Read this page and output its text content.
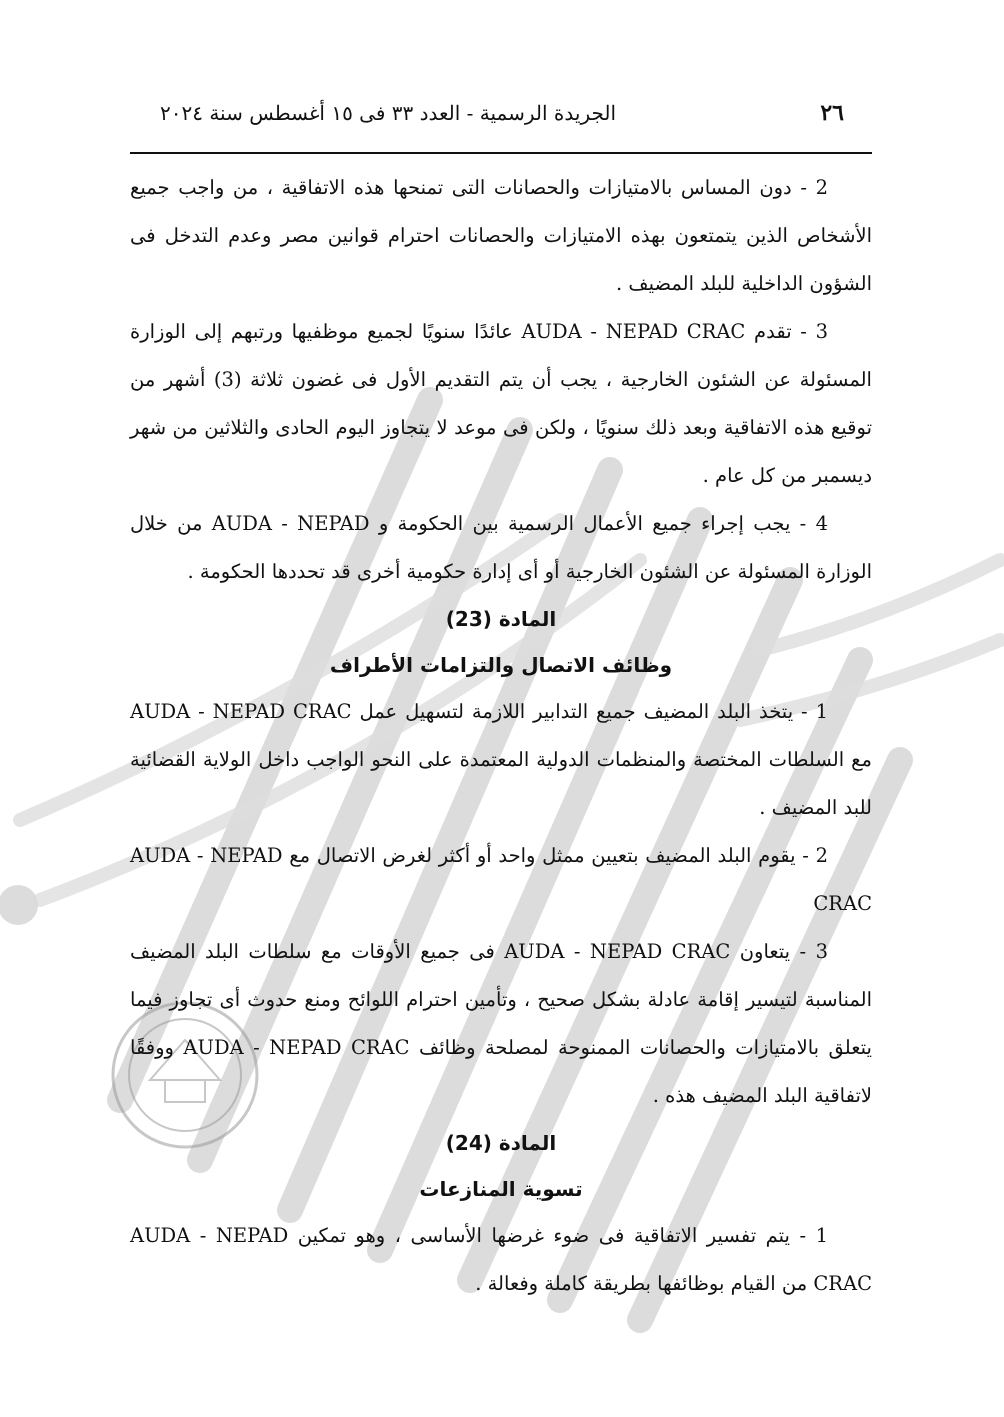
٢٦
الجريدة الرسمية - العدد ٣٣ فى ١٥ أغسطس سنة ٢٠٢٤

2 - دون المساس بالامتيازات والحصانات التى تمنحها هذه الاتفاقية ، من واجب جميع الأشخاص الذين يتمتعون بهذه الامتيازات والحصانات احترام قوانين مصر وعدم التدخل فى الشؤون الداخلية للبلد المضيف .

3 - تقدم AUDA - NEPAD CRAC عائدًا سنويًا لجميع موظفيها ورتبهم إلى الوزارة المسئولة عن الشئون الخارجية ، يجب أن يتم التقديم الأول فى غضون ثلاثة (3) أشهر من توقيع هذه الاتفاقية وبعد ذلك سنويًا ، ولكن فى موعد لا يتجاوز اليوم الحادى والثلاثين من شهر ديسمبر من كل عام .

4 - يجب إجراء جميع الأعمال الرسمية بين الحكومة و AUDA - NEPAD من خلال الوزارة المسئولة عن الشئون الخارجية أو أى إدارة حكومية أخرى قد تحددها الحكومة .

المادة (23)

وظائف الاتصال والتزامات الأطراف

1 - يتخذ البلد المضيف جميع التدابير اللازمة لتسهيل عمل AUDA - NEPAD CRAC مع السلطات المختصة والمنظمات الدولية المعتمدة على النحو الواجب داخل الولاية القضائية للبد المضيف .

2 - يقوم البلد المضيف بتعيين ممثل واحد أو أكثر لغرض الاتصال مع AUDA - NEPAD CRAC

3 - يتعاون AUDA - NEPAD CRAC فى جميع الأوقات مع سلطات البلد المضيف المناسبة لتيسير إقامة عادلة بشكل صحيح ، وتأمين احترام اللوائح ومنع حدوث أى تجاوز فيما يتعلق بالامتيازات والحصانات الممنوحة لمصلحة وظائف AUDA - NEPAD CRAC ووفقًا لاتفاقية البلد المضيف هذه .

المادة (24)

تسوية المنازعات

1 - يتم تفسير الاتفاقية فى ضوء غرضها الأساسى ، وهو تمكين AUDA - NEPAD CRAC من القيام بوظائفها بطريقة كاملة وفعالة .
